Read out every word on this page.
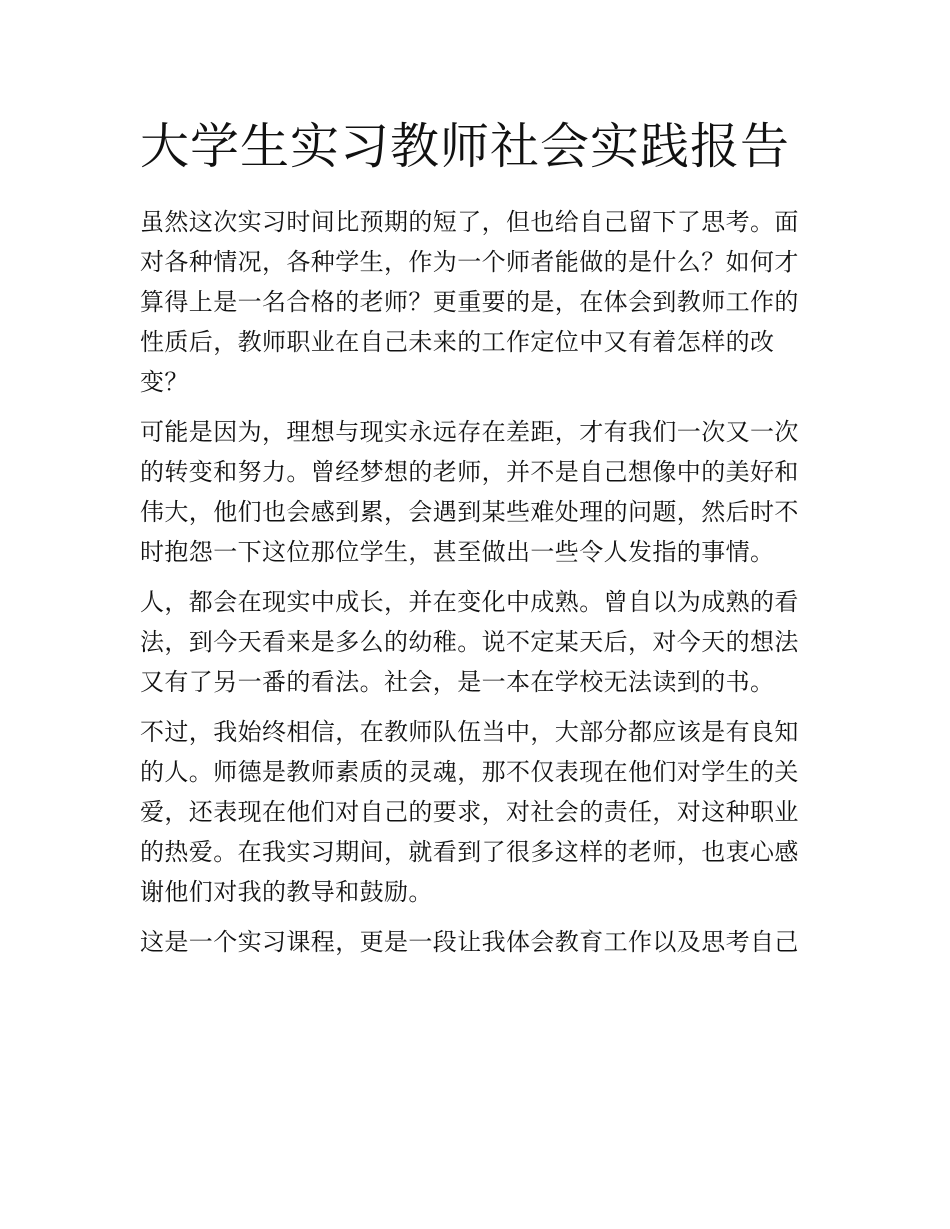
大学生实习教师社会实践报告
虽然这次实习时间比预期的短了，但也给自己留下了思考。面
对各种情况，各种学生，作为一个师者能做的是什么？如何才
算得上是一名合格的老师？更重要的是，在体会到教师工作的
性质后，教师职业在自己未来的工作定位中又有着怎样的改
变？
可能是因为，理想与现实永远存在差距，才有我们一次又一次
的转变和努力。曾经梦想的老师，并不是自己想像中的美好和
伟大，他们也会感到累，会遇到某些难处理的问题，然后时不
时抱怨一下这位那位学生，甚至做出一些令人发指的事情。
人，都会在现实中成长，并在变化中成熟。曾自以为成熟的看
法，到今天看来是多么的幼稚。说不定某天后，对今天的想法
又有了另一番的看法。社会，是一本在学校无法读到的书。
不过，我始终相信，在教师队伍当中，大部分都应该是有良知
的人。师德是教师素质的灵魂，那不仅表现在他们对学生的关
爱，还表现在他们对自己的要求，对社会的责任，对这种职业
的热爱。在我实习期间，就看到了很多这样的老师，也衷心感
谢他们对我的教导和鼓励。
这是一个实习课程，更是一段让我体会教育工作以及思考自己
